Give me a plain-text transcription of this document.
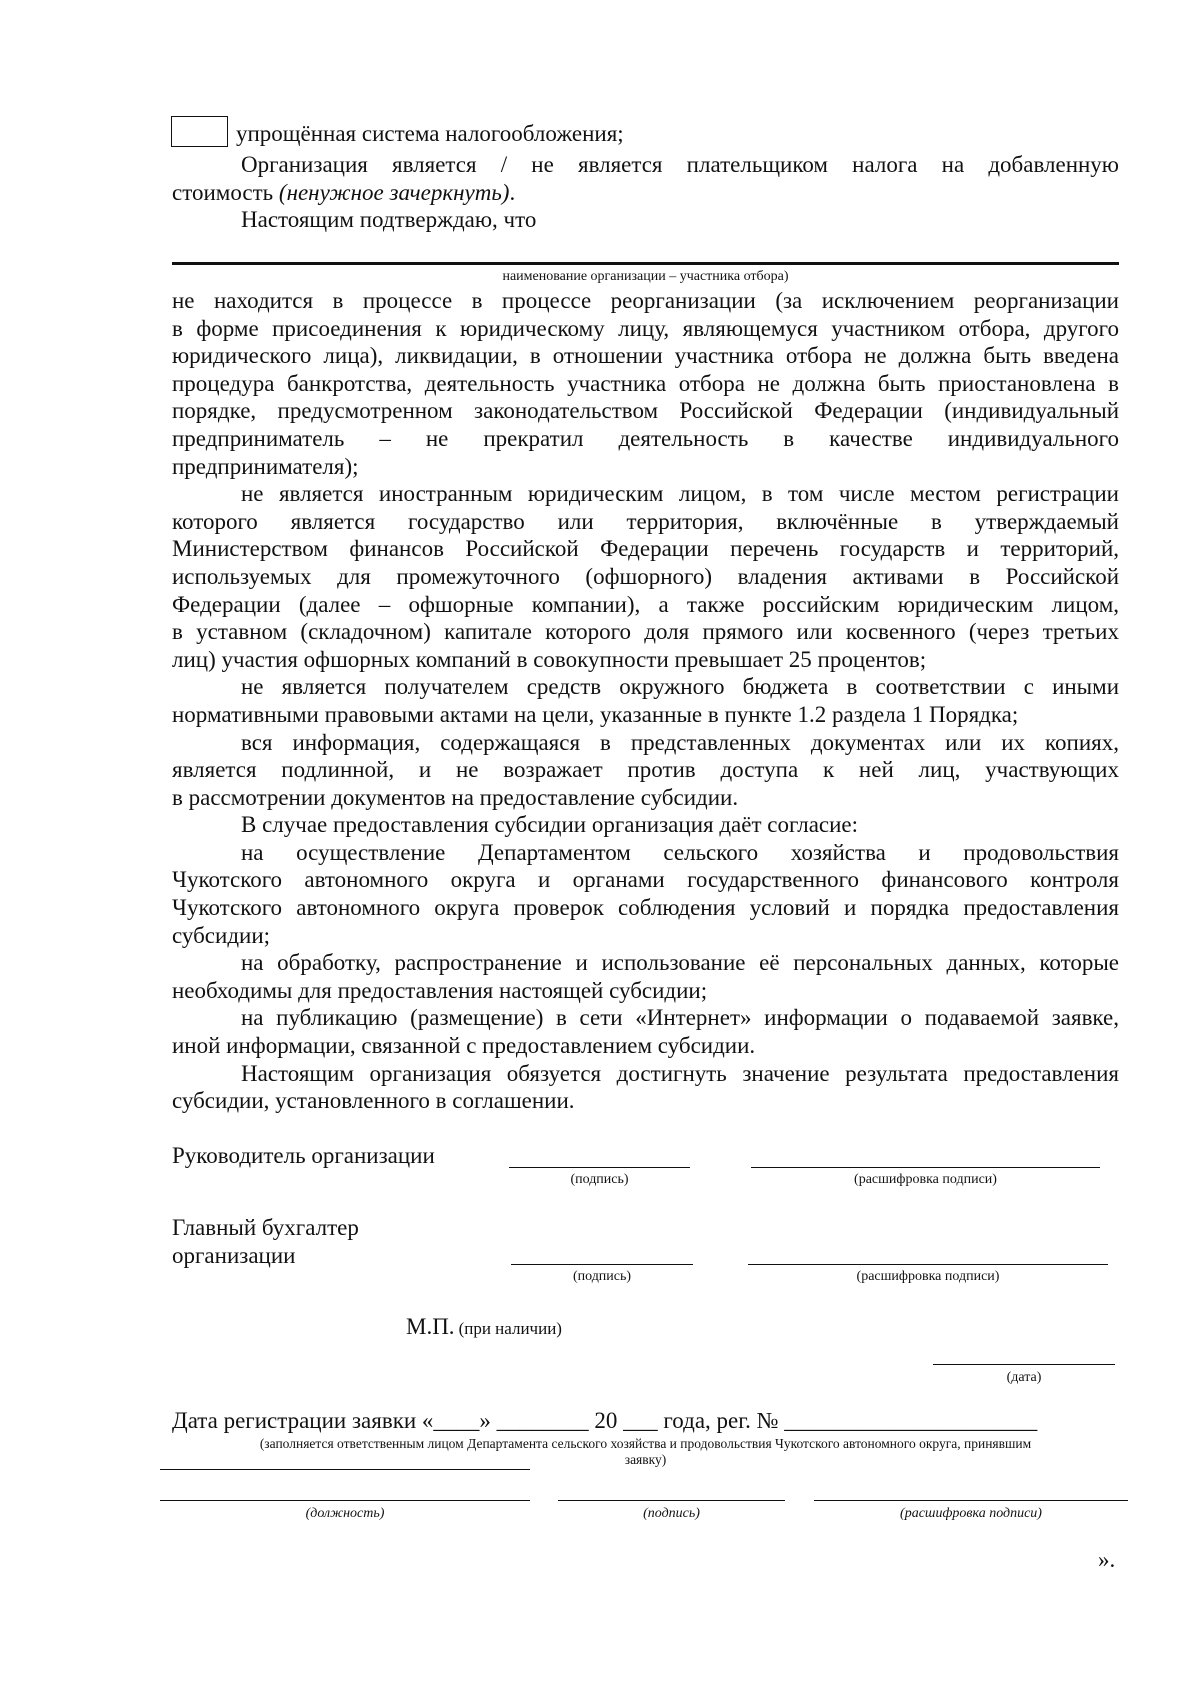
упрощённая система налогообложения;
Организация является / не является плательщиком налога на добавленную
стоимость (ненужное зачеркнуть).
Настоящим подтверждаю, что
наименование организации – участника отбора)
не находится в процессе в процессе реорганизации (за исключением реорганизации
в форме присоединения к юридическому лицу, являющемуся участником отбора, другого
юридического лица), ликвидации, в отношении участника отбора не должна быть введена
процедура банкротства, деятельность участника отбора не должна быть приостановлена в
порядке, предусмотренном законодательством Российской Федерации (индивидуальный
предприниматель – не прекратил деятельность в качестве индивидуального
предпринимателя);
не является иностранным юридическим лицом, в том числе местом регистрации
которого является государство или территория, включённые в утверждаемый
Министерством финансов Российской Федерации перечень государств и территорий,
используемых для промежуточного (офшорного) владения активами в Российской
Федерации (далее – офшорные компании), а также российским юридическим лицом,
в уставном (складочном) капитале которого доля прямого или косвенного (через третьих
лиц) участия офшорных компаний в совокупности превышает 25 процентов;
не является получателем средств окружного бюджета в соответствии с иными
нормативными правовыми актами на цели, указанные в пункте 1.2 раздела 1 Порядка;
вся информация, содержащаяся в представленных документах или их копиях,
является подлинной, и не возражает против доступа к ней лиц, участвующих
в рассмотрении документов на предоставление субсидии.
В случае предоставления субсидии организация даёт согласие:
на осуществление Департаментом сельского хозяйства и продовольствия
Чукотского автономного округа и органами государственного финансового контроля
Чукотского автономного округа проверок соблюдения условий и порядка предоставления
субсидии;
на обработку, распространение и использование её персональных данных, которые
необходимы для предоставления настоящей субсидии;
на публикацию (размещение) в сети «Интернет» информации о подаваемой заявке,
иной информации, связанной с предоставлением субсидии.
Настоящим организация обязуется достигнуть значение результата предоставления
субсидии, установленного в соглашении.
Руководитель организации
(подпись)	(расшифровка подписи)
Главный бухгалтер
организации
(подпись)	(расшифровка подписи)
М.П. (при наличии)
(дата)
Дата регистрации заявки «____» ________ 20 ___ года, рег. № ______________________
(заполняется ответственным лицом Департамента сельского хозяйства и продовольствия Чукотского автономного округа, принявшим
заявку)
(должность)	(подпись)	(расшифровка подписи)
».
